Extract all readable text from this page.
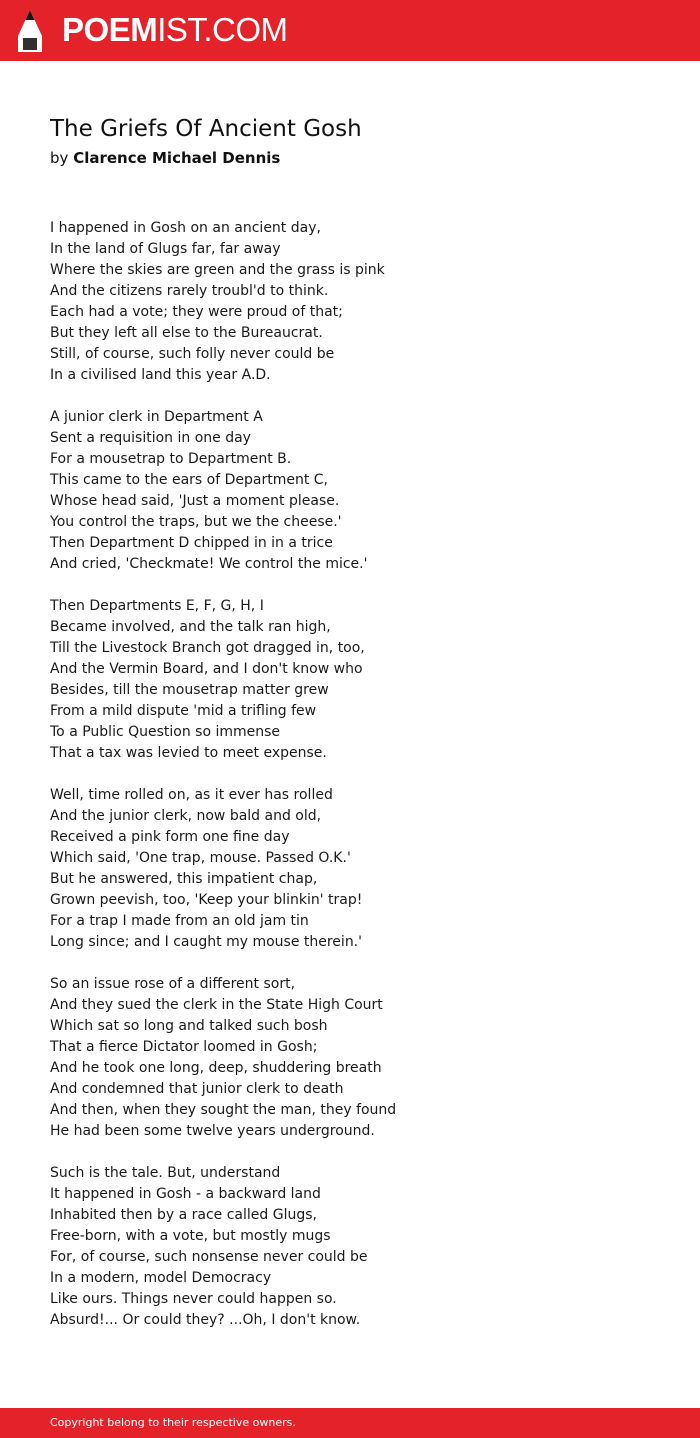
POEMIST.COM
The Griefs Of Ancient Gosh
by Clarence Michael Dennis
I happened in Gosh on an ancient day,
In the land of Glugs far, far away
Where the skies are green and the grass is pink
And the citizens rarely troubl'd to think.
Each had a vote; they were proud of that;
But they left all else to the Bureaucrat.
Still, of course, such folly never could be
In a civilised land this year A.D.
A junior clerk in Department A
Sent a requisition in one day
For a mousetrap to Department B.
This came to the ears of Department C,
Whose head said, 'Just a moment please.
You control the traps, but we the cheese.'
Then Department D chipped in in a trice
And cried, 'Checkmate! We control the mice.'
Then Departments E, F, G, H, I
Became involved, and the talk ran high,
Till the Livestock Branch got dragged in, too,
And the Vermin Board, and I don't know who
Besides, till the mousetrap matter grew
From a mild dispute 'mid a trifling few
To a Public Question so immense
That a tax was levied to meet expense.
Well, time rolled on, as it ever has rolled
And the junior clerk, now bald and old,
Received a pink form one fine day
Which said, 'One trap, mouse. Passed O.K.'
But he answered, this impatient chap,
Grown peevish, too, 'Keep your blinkin' trap!
For a trap I made from an old jam tin
Long since; and I caught my mouse therein.'
So an issue rose of a different sort,
And they sued the clerk in the State High Court
Which sat so long and talked such bosh
That a fierce Dictator loomed in Gosh;
And he took one long, deep, shuddering breath
And condemned that junior clerk to death
And then, when they sought the man, they found
He had been some twelve years underground.
Such is the tale. But, understand
It happened in Gosh - a backward land
Inhabited then by a race called Glugs,
Free-born, with a vote, but mostly mugs
For, of course, such nonsense never could be
In a modern, model Democracy
Like ours. Things never could happen so.
Absurd!... Or could they? ...Oh, I don't know.
Copyright belong to their respective owners.
